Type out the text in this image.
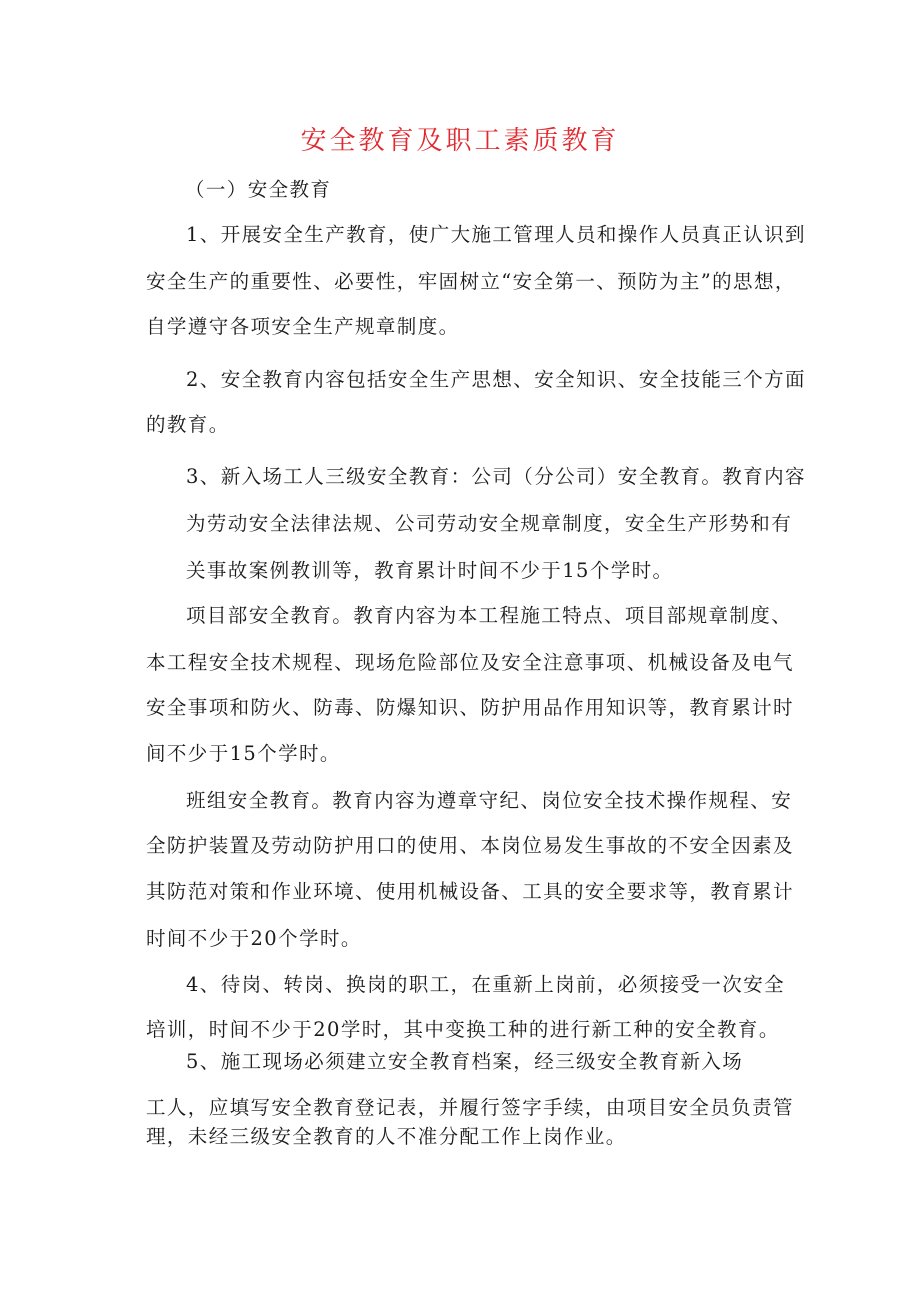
安全教育及职工素质教育
（一）安全教育
1、开展安全生产教育，使广大施工管理人员和操作人员真正认识到
安全生产的重要性、必要性，牢固树立“安全第一、预防为主”的思想，
自学遵守各项安全生产规章制度。
2、安全教育内容包括安全生产思想、安全知识、安全技能三个方面
的教育。
3、新入场工人三级安全教育：公司（分公司）安全教育。教育内容
为劳动安全法律法规、公司劳动安全规章制度，安全生产形势和有
关事故案例教训等，教育累计时间不少于15个学时。
项目部安全教育。教育内容为本工程施工特点、项目部规章制度、
本工程安全技术规程、现场危险部位及安全注意事项、机械设备及电气
安全事项和防火、防毒、防爆知识、防护用品作用知识等，教育累计时
间不少于15个学时。
班组安全教育。教育内容为遵章守纪、岗位安全技术操作规程、安
全防护装置及劳动防护用口的使用、本岗位易发生事故的不安全因素及
其防范对策和作业环境、使用机械设备、工具的安全要求等，教育累计
时间不少于20个学时。
4、待岗、转岗、换岗的职工，在重新上岗前，必须接受一次安全
培训，时间不少于20学时，其中变换工种的进行新工种的安全教育。
5、施工现场必须建立安全教育档案，经三级安全教育新入场
工人，应填写安全教育登记表，并履行签字手续，由项目安全员负责管
理，未经三级安全教育的人不准分配工作上岗作业。
